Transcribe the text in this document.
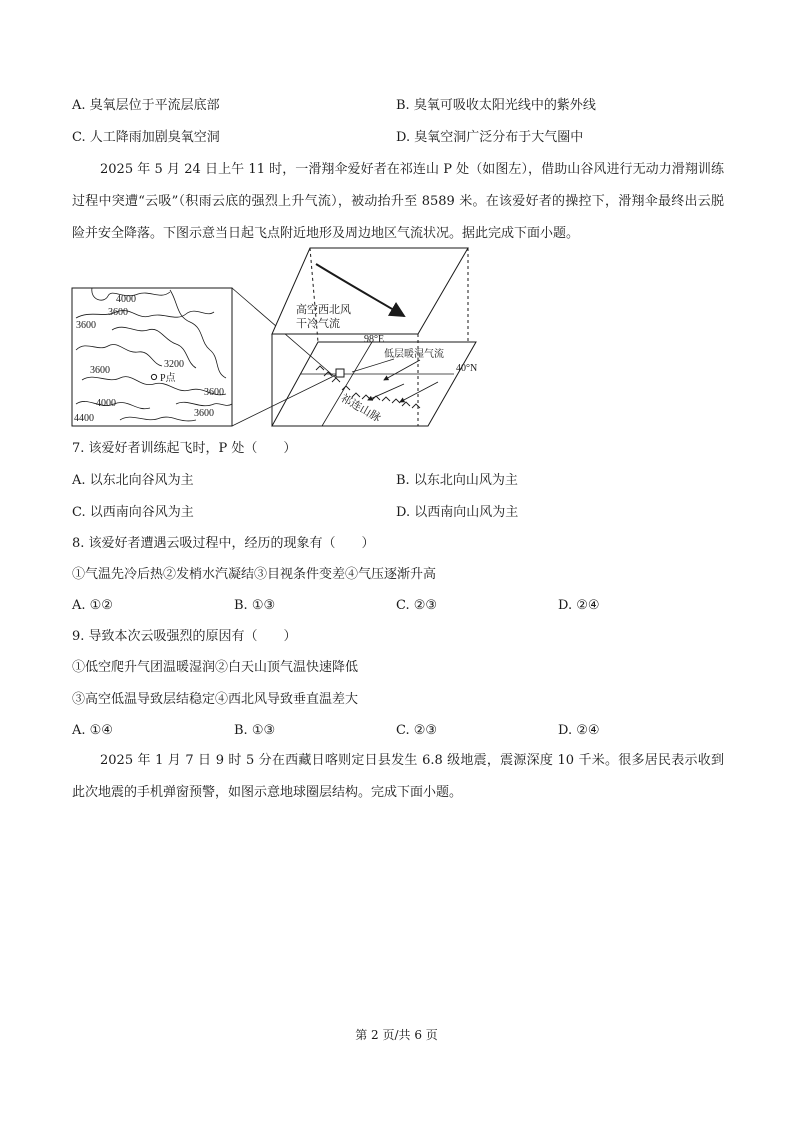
A. 臭氧层位于平流层底部	B. 臭氧可吸收太阳光线中的紫外线
C. 人工降雨加剧臭氧空洞	D. 臭氧空洞广泛分布于大气圈中
2025 年 5 月 24 日上午 11 时，一滑翔伞爱好者在祁连山 P 处（如图左），借助山谷风进行无动力滑翔训练过程中突遭“云吸”（积雨云底的强烈上升气流），被动抬升至 8589 米。在该爱好者的操控下，滑翔伞最终出云脱险并安全降落。下图示意当日起飞点附近地形及周边地区气流状况。据此完成下面小题。
4000
3600
3600
3200
3600
3600
4000
3600
4400
P点
高空西北风
干冷气流
98°E
40°N
低层暖湿气流
祁连山脉
7. 该爱好者训练起飞时，P 处（　　）
A. 以东北向谷风为主	B. 以东北向山风为主
C. 以西南向谷风为主	D. 以西南向山风为主
8. 该爱好者遭遇云吸过程中，经历的现象有（　　）
①气温先冷后热②发梢水汽凝结③目视条件变差④气压逐渐升高
A. ①②	B. ①③	C. ②③	D. ②④
9. 导致本次云吸强烈的原因有（　　）
①低空爬升气团温暖湿润②白天山顶气温快速降低
③高空低温导致层结稳定④西北风导致垂直温差大
A. ①④	B. ①③	C. ②③	D. ②④
2025 年 1 月 7 日 9 时 5 分在西藏日喀则定日县发生 6.8 级地震，震源深度 10 千米。很多居民表示收到此次地震的手机弹窗预警，如图示意地球圈层结构。完成下面小题。
第 2 页/共 6 页
